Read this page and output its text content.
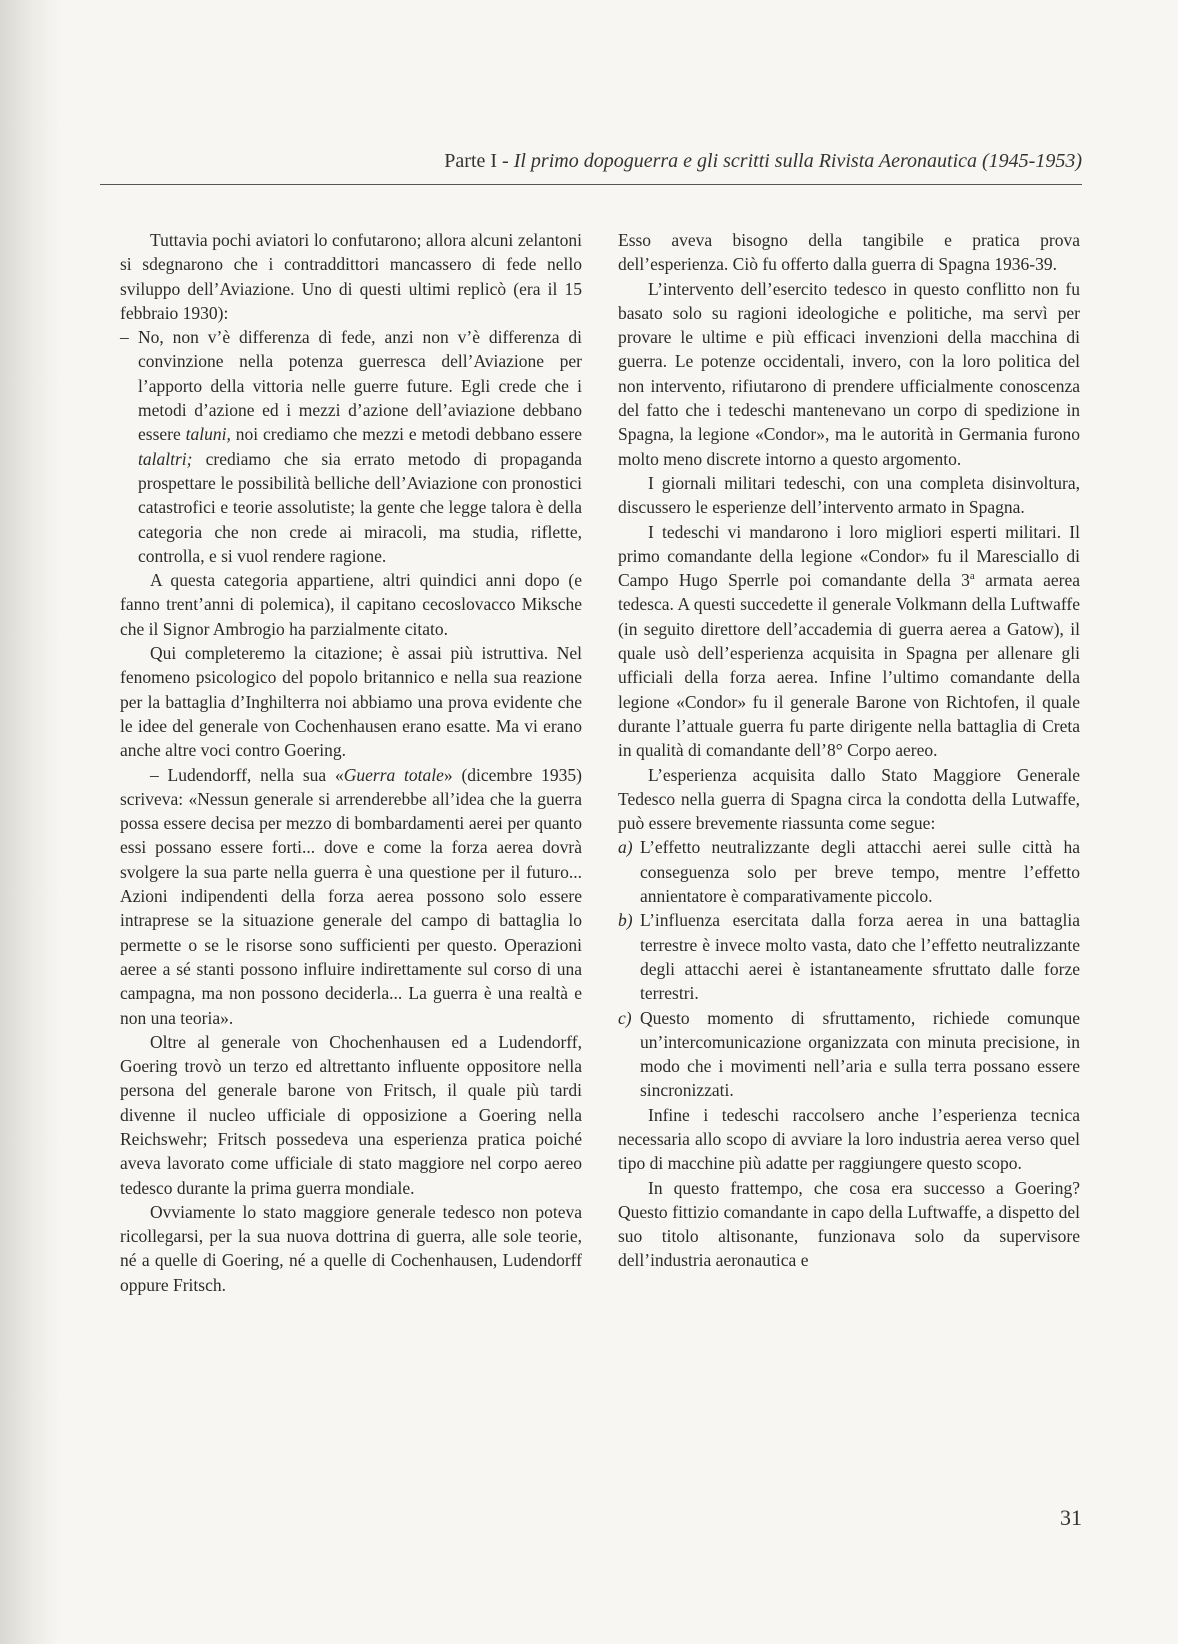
Parte I - Il primo dopoguerra e gli scritti sulla Rivista Aeronautica (1945-1953)

Tuttavia pochi aviatori lo confutarono; allora alcuni zelantoni si sdegnarono che i contraddittori mancassero di fede nello sviluppo dell’Aviazione. Uno di questi ultimi replicò (era il 15 febbraio 1930):

– No, non v’è differenza di fede, anzi non v’è differenza di convinzione nella potenza guerresca dell’Aviazione per l’apporto della vittoria nelle guerre future. Egli crede che i metodi d’azione ed i mezzi d’azione dell’aviazione debbano essere taluni, noi crediamo che mezzi e metodi debbano essere talaltri; crediamo che sia errato metodo di propaganda prospettare le possibilità belliche dell’Aviazione con pronostici catastrofici e teorie assolutiste; la gente che legge talora è della categoria che non crede ai miracoli, ma studia, riflette, controlla, e si vuol rendere ragione.

A questa categoria appartiene, altri quindici anni dopo (e fanno trent’anni di polemica), il capitano cecoslovacco Miksche che il Signor Ambrogio ha parzialmente citato.

Qui completeremo la citazione; è assai più istruttiva. Nel fenomeno psicologico del popolo britannico e nella sua reazione per la battaglia d’Inghilterra noi abbiamo una prova evidente che le idee del generale von Cochenhausen erano esatte. Ma vi erano anche altre voci contro Goering.

– Ludendorff, nella sua «Guerra totale» (dicembre 1935) scriveva: «Nessun generale si arrenderebbe all’idea che la guerra possa essere decisa per mezzo di bombardamenti aerei per quanto essi possano essere forti... dove e come la forza aerea dovrà svolgere la sua parte nella guerra è una questione per il futuro... Azioni indipendenti della forza aerea possono solo essere intraprese se la situazione generale del campo di battaglia lo permette o se le risorse sono sufficienti per questo. Operazioni aeree a sé stanti possono influire indirettamente sul corso di una campagna, ma non possono deciderla... La guerra è una realtà e non una teoria».

Oltre al generale von Chochenhausen ed a Ludendorff, Goering trovò un terzo ed altrettanto influente oppositore nella persona del generale barone von Fritsch, il quale più tardi divenne il nucleo ufficiale di opposizione a Goering nella Reichswehr; Fritsch possedeva una esperienza pratica poiché aveva lavorato come ufficiale di stato maggiore nel corpo aereo tedesco durante la prima guerra mondiale.

Ovviamente lo stato maggiore generale tedesco non poteva ricollegarsi, per la sua nuova dottrina di guerra, alle sole teorie, né a quelle di Goering, né a quelle di Cochenhausen, Ludendorff oppure Fritsch.

Esso aveva bisogno della tangibile e pratica prova dell’esperienza. Ciò fu offerto dalla guerra di Spagna 1936-39.

L’intervento dell’esercito tedesco in questo conflitto non fu basato solo su ragioni ideologiche e politiche, ma servì per provare le ultime e più efficaci invenzioni della macchina di guerra. Le potenze occidentali, invero, con la loro politica del non intervento, rifiutarono di prendere ufficialmente conoscenza del fatto che i tedeschi mantenevano un corpo di spedizione in Spagna, la legione «Condor», ma le autorità in Germania furono molto meno discrete intorno a questo argomento.

I giornali militari tedeschi, con una completa disinvoltura, discussero le esperienze dell’intervento armato in Spagna.

I tedeschi vi mandarono i loro migliori esperti militari. Il primo comandante della legione «Condor» fu il Maresciallo di Campo Hugo Sperrle poi comandante della 3$^a$ armata aerea tedesca. A questi succedette il generale Volkmann della Luftwaffe (in seguito direttore dell’accademia di guerra aerea a Gatow), il quale usò dell’esperienza acquisita in Spagna per allenare gli ufficiali della forza aerea. Infine l’ultimo comandante della legione «Condor» fu il generale Barone von Richtofen, il quale durante l’attuale guerra fu parte dirigente nella battaglia di Creta in qualità di comandante dell’8° Corpo aereo.

L’esperienza acquisita dallo Stato Maggiore Generale Tedesco nella guerra di Spagna circa la condotta della Lutwaffe, può essere brevemente riassunta come segue:

a) L’effetto neutralizzante degli attacchi aerei sulle città ha conseguenza solo per breve tempo, mentre l’effetto annientatore è comparativamente piccolo.

b) L’influenza esercitata dalla forza aerea in una battaglia terrestre è invece molto vasta, dato che l’effetto neutralizzante degli attacchi aerei è istantaneamente sfruttato dalle forze terrestri.

c) Questo momento di sfruttamento, richiede comunque un’intercomunicazione organizzata con minuta precisione, in modo che i movimenti nell’aria e sulla terra possano essere sincronizzati.

Infine i tedeschi raccolsero anche l’esperienza tecnica necessaria allo scopo di avviare la loro industria aerea verso quel tipo di macchine più adatte per raggiungere questo scopo.

In questo frattempo, che cosa era successo a Goering? Questo fittizio comandante in capo della Luftwaffe, a dispetto del suo titolo altisonante, funzionava solo da supervisore dell’industria aeronautica e

31
